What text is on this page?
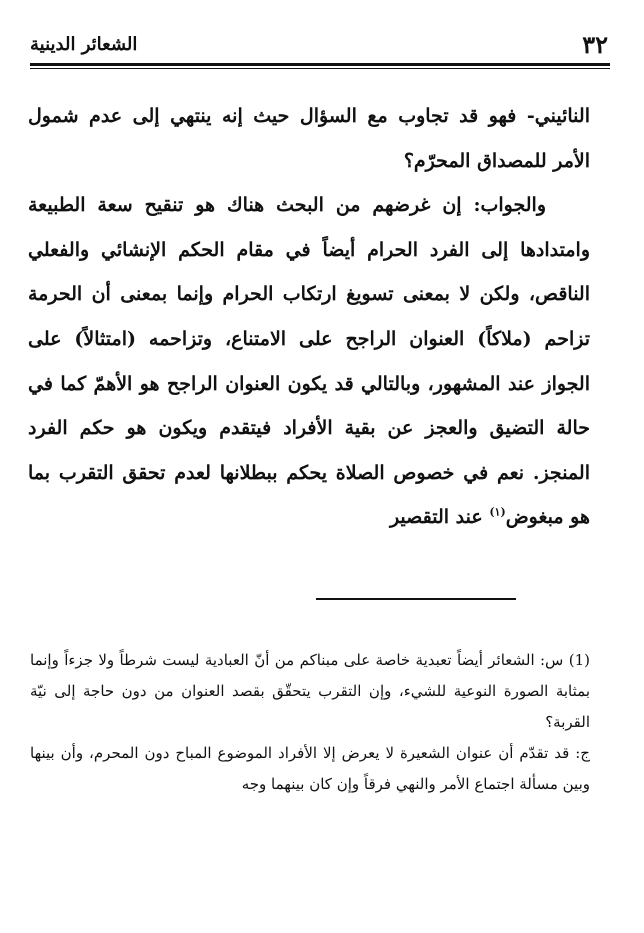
٣٢
الشعائر الدينية

النائيني- فهو قد تجاوب مع السؤال حيث إنه ينتهي إلى عدم شمول الأمر للمصداق المحرّم؟

والجواب: إن غرضهم من البحث هناك هو تنقيح سعة الطبيعة وامتدادها إلى الفرد الحرام أيضاً في مقام الحكم الإنشائي والفعلي الناقص، ولكن لا بمعنى تسويغ ارتكاب الحرام وإنما بمعنى أن الحرمة تزاحم (ملاكاً) العنوان الراجح على الامتناع، وتزاحمه (امتثالاً) على الجواز عند المشهور، وبالتالي قد يكون العنوان الراجح هو الأهمّ كما في حالة التضيق والعجز عن بقية الأفراد فيتقدم ويكون هو حكم الفرد المنجز. نعم في خصوص الصلاة يحكم ببطلانها لعدم تحقق التقرب بما هو مبغوض$^{(١)}$ عند التقصير

(1) س: الشعائر أيضاً تعبدية خاصة على مبناكم من أنّ العبادية ليست شرطاً ولا جزءاً وإنما بمثابة الصورة النوعية للشيء، وإن التقرب يتحقّق بقصد العنوان من دون حاجة إلى نيّة القربة؟

ج: قد تقدّم أن عنوان الشعيرة لا يعرض إلا الأفراد الموضوع المباح دون المحرم، وأن بينها وبين مسألة اجتماع الأمر والنهي فرقاً وإن كان بينهما وجه
